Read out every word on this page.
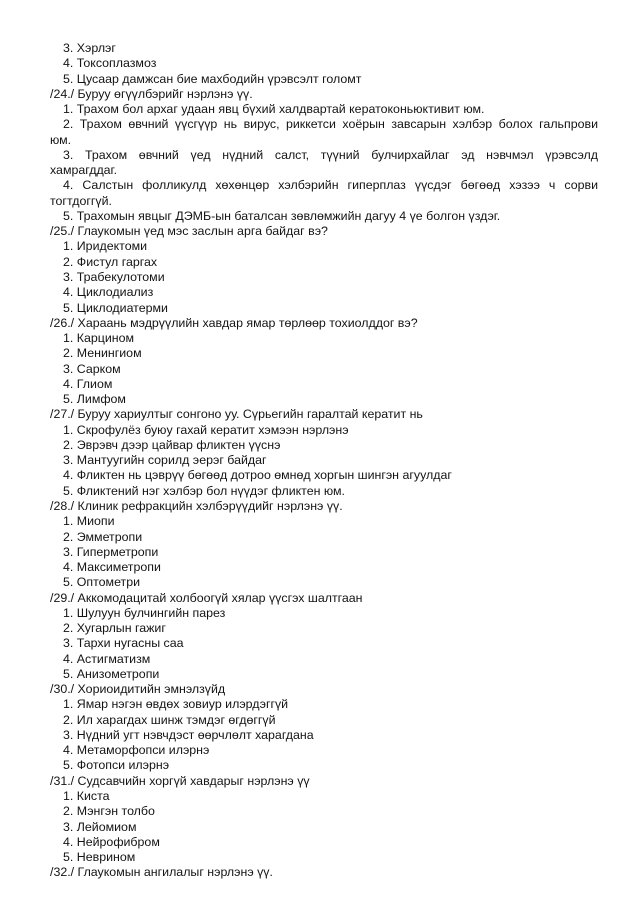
3. Хэрлэг
4. Токсоплазмоз
5. Цусаар дамжсан бие махбодийн үрэвсэлт голомт
/24./ Буруу өгүүлбэрийг нэрлэнэ үү.
1. Трахом бол архаг удаан явц бүхий халдвартай кератоконьюктивит юм.
2. Трахом өвчний үүсгүүр нь вирус, риккетси хоёрын завсарын хэлбэр болох гальпрови
юм.
3. Трахом өвчний үед нүдний салст, түүний булчирхайлаг эд нэвчмэл үрэвсэлд
хамрагддаг.
4. Салстын фолликулд хөхөнцөр хэлбэрийн гиперплаз үүсдэг бөгөөд хэзээ ч сорви
тогтдоггүй.
5. Трахомын явцыг ДЭМБ-ын баталсан зөвлөмжийн дагуу 4 үе болгон үздэг.
/25./ Глаукомын үед мэс заслын арга байдаг вэ?
1. Иридектоми
2. Фистул гаргах
3. Трабекулотоми
4. Циклодиализ
5. Циклодиатерми
/26./ Хараань мэдрүүлийн хавдар ямар төрлөөр тохиолддог вэ?
1. Карцином
2. Менингиом
3. Сарком
4. Глиом
5. Лимфом
/27./ Буруу хариултыг сонгоно уу. Сүрьегийн гаралтай кератит нь
1. Скрофулёз буюу гахай кератит хэмээн нэрлэнэ
2. Эврэвч дээр цайвар фликтен үүснэ
3. Мантуугийн сорилд эерэг байдаг
4. Фликтен нь цэврүү бөгөөд дотроо өмнөд хоргын шингэн агуулдаг
5. Фликтений нэг хэлбэр бол нүүдэг фликтен юм.
/28./ Клиник рефракцийн хэлбэрүүдийг нэрлэнэ үү.
1. Миопи
2. Эмметропи
3. Гиперметропи
4. Максиметропи
5. Оптометри
/29./ Аккомодацитай холбоогүй хялар үүсгэх шалтгаан
1. Шулуун булчингийн парез
2. Хугарлын гажиг
3. Тархи нугасны саа
4. Астигматизм
5. Анизометропи
/30./ Хориоидитийн эмнэлзүйд
1. Ямар нэгэн өвдөх зовиур илэрдэггүй
2. Ил харагдах шинж тэмдэг өгдөггүй
3. Нүдний угт нэвчдэст өөрчлөлт харагдана
4. Метаморфопси илэрнэ
5. Фотопси илэрнэ
/31./ Судсавчийн хоргүй хавдарыг нэрлэнэ үү
1. Киста
2. Мэнгэн толбо
3. Лейомиом
4. Нейрофибром
5. Неврином
/32./ Глаукомын ангилалыг нэрлэнэ үү.
